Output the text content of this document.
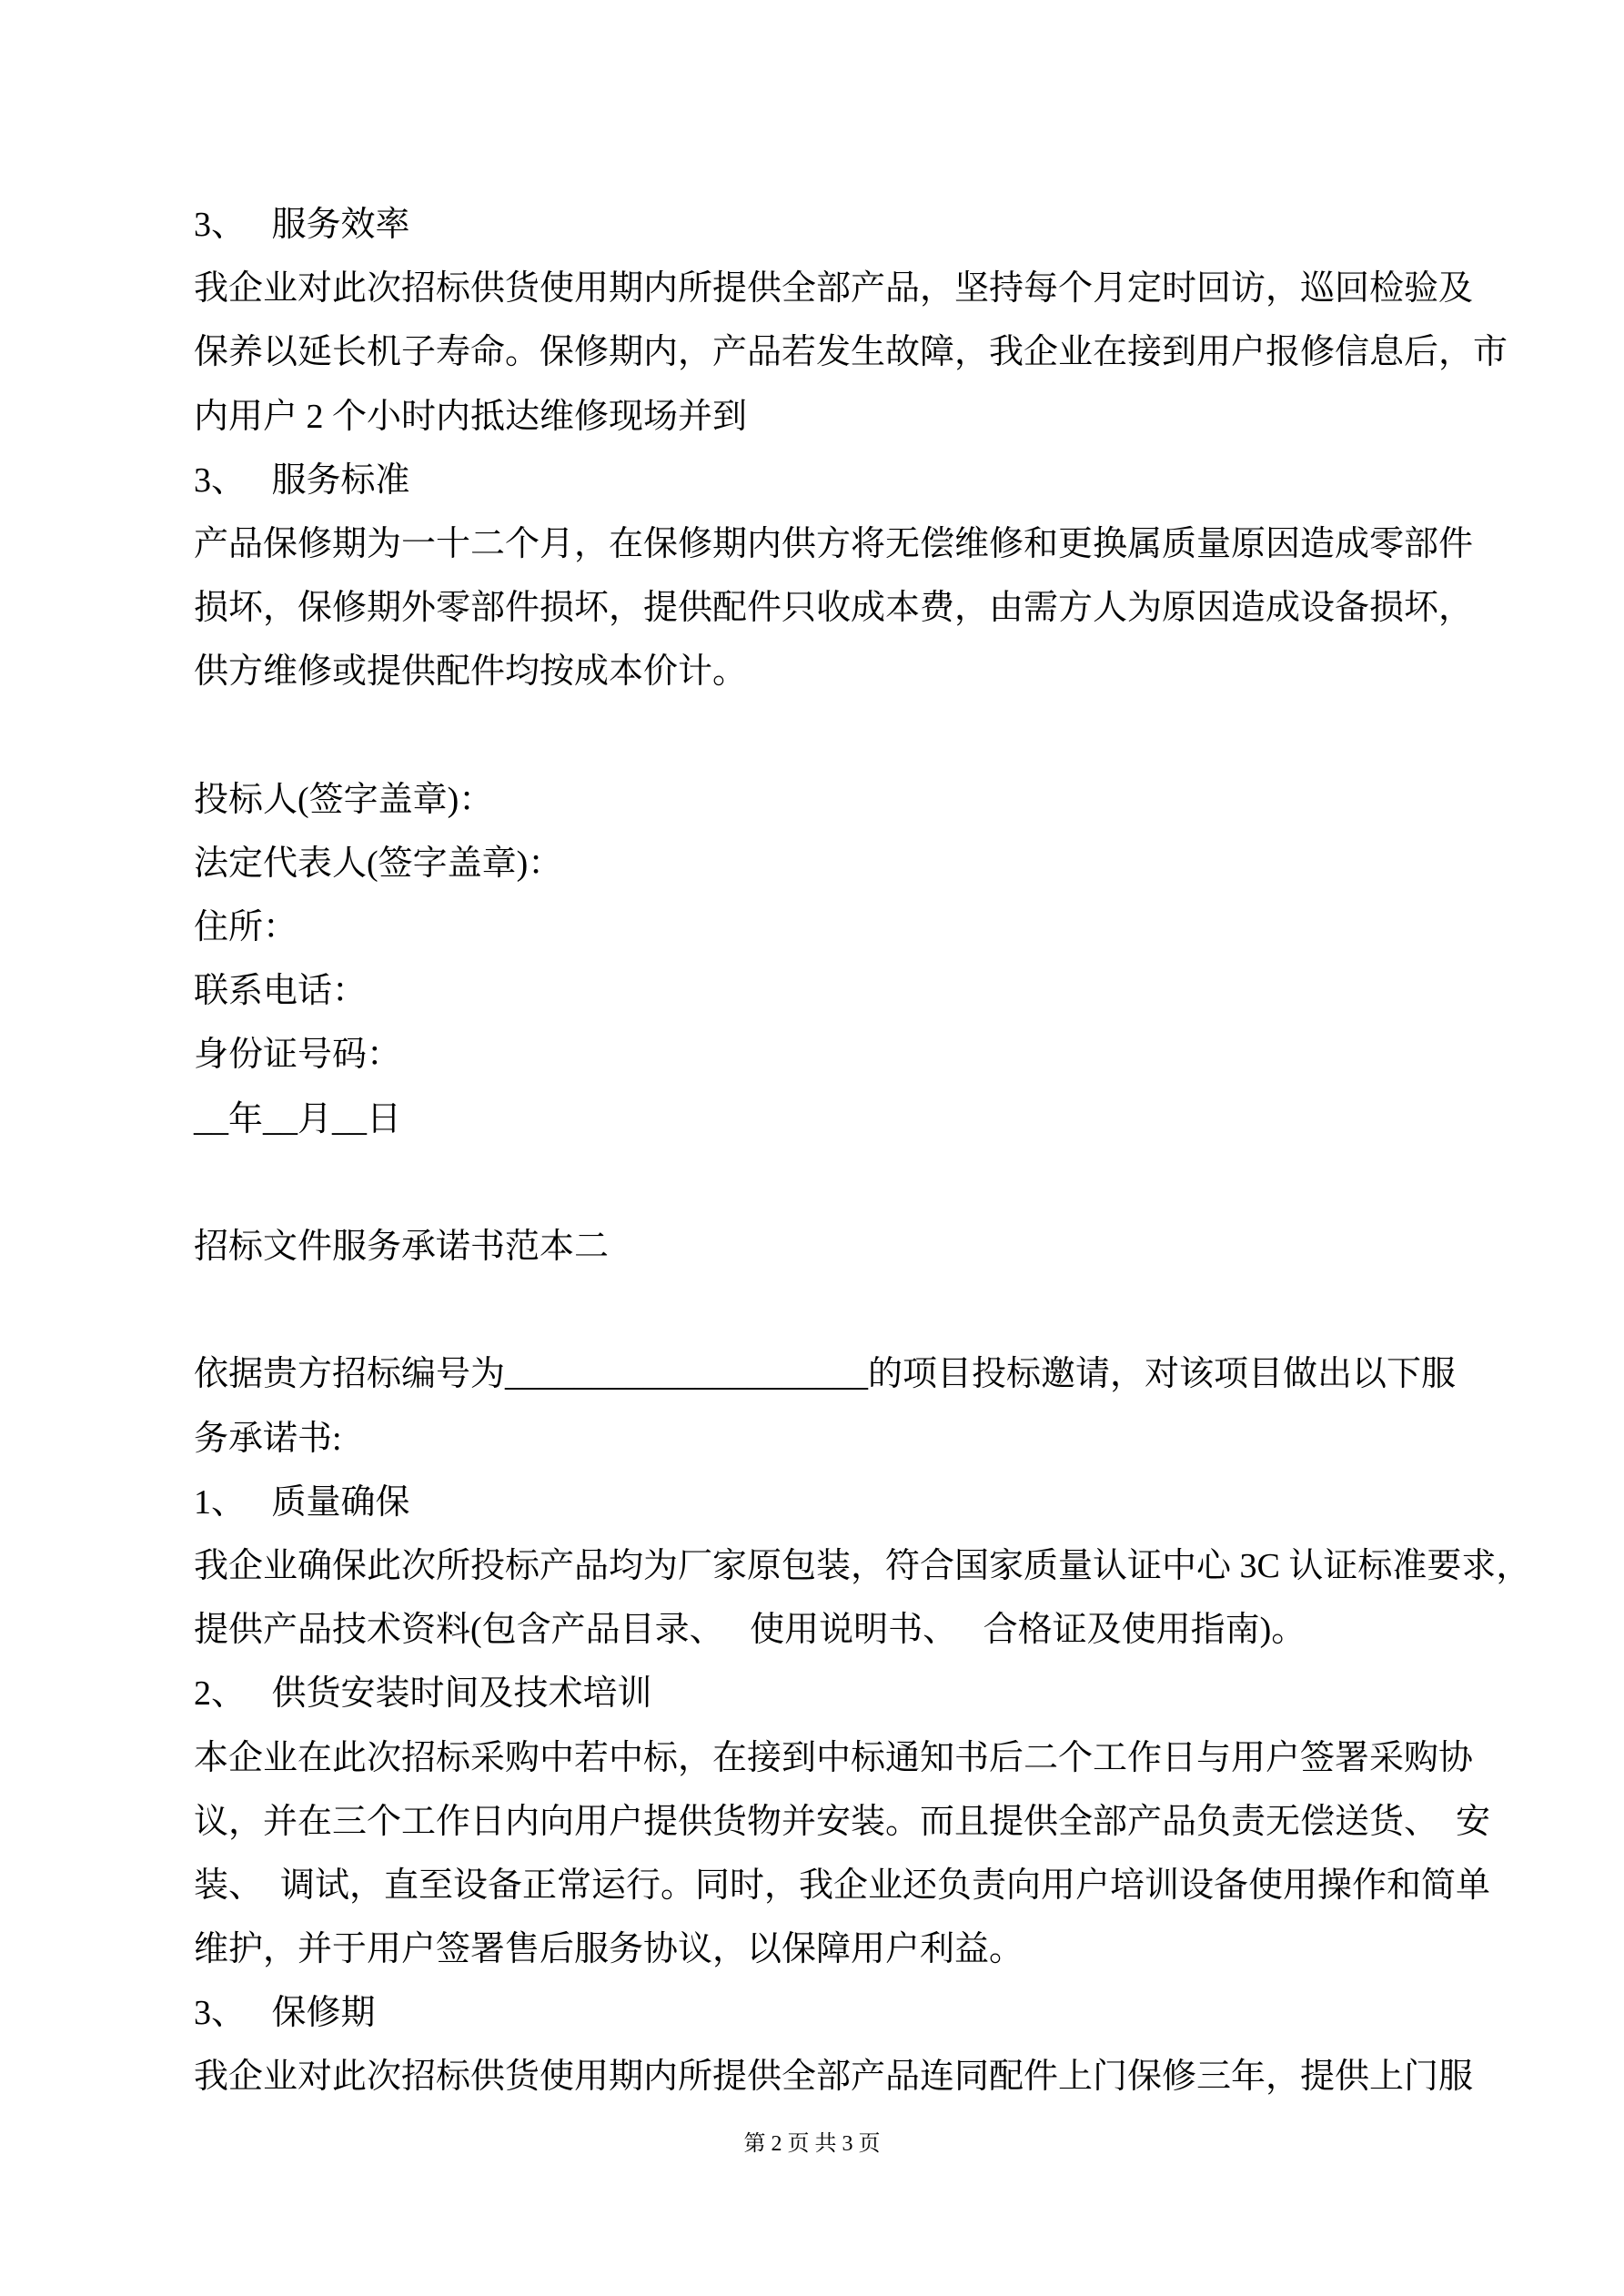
3、   服务效率
我企业对此次招标供货使用期内所提供全部产品，坚持每个月定时回访，巡回检验及
保养以延长机子寿命。保修期内，产品若发生故障，我企业在接到用户报修信息后，市
内用户 2 个小时内抵达维修现场并到
3、   服务标准
产品保修期为一十二个月，在保修期内供方将无偿维修和更换属质量原因造成零部件
损坏，保修期外零部件损坏，提供配件只收成本费，由需方人为原因造成设备损坏，
供方维修或提供配件均按成本价计。
投标人(签字盖章)：
法定代表人(签字盖章)：
住所：
联系电话：
身份证号码：
__年__月__日
招标文件服务承诺书范本二
依据贵方招标编号为_____________________的项目投标邀请，对该项目做出以下服
务承诺书:
1、   质量确保
我企业确保此次所投标产品均为厂家原包装，符合国家质量认证中心 3C 认证标准要求，
提供产品技术资料(包含产品目录、   使用说明书、   合格证及使用指南)。
2、   供货安装时间及技术培训
本企业在此次招标采购中若中标，在接到中标通知书后二个工作日与用户签署采购协
议，并在三个工作日内向用户提供货物并安装。而且提供全部产品负责无偿送货、  安
装、  调试，直至设备正常运行。同时，我企业还负责向用户培训设备使用操作和简单
维护，并于用户签署售后服务协议，以保障用户利益。
3、   保修期
我企业对此次招标供货使用期内所提供全部产品连同配件上门保修三年，提供上门服
第 2 页 共 3 页
